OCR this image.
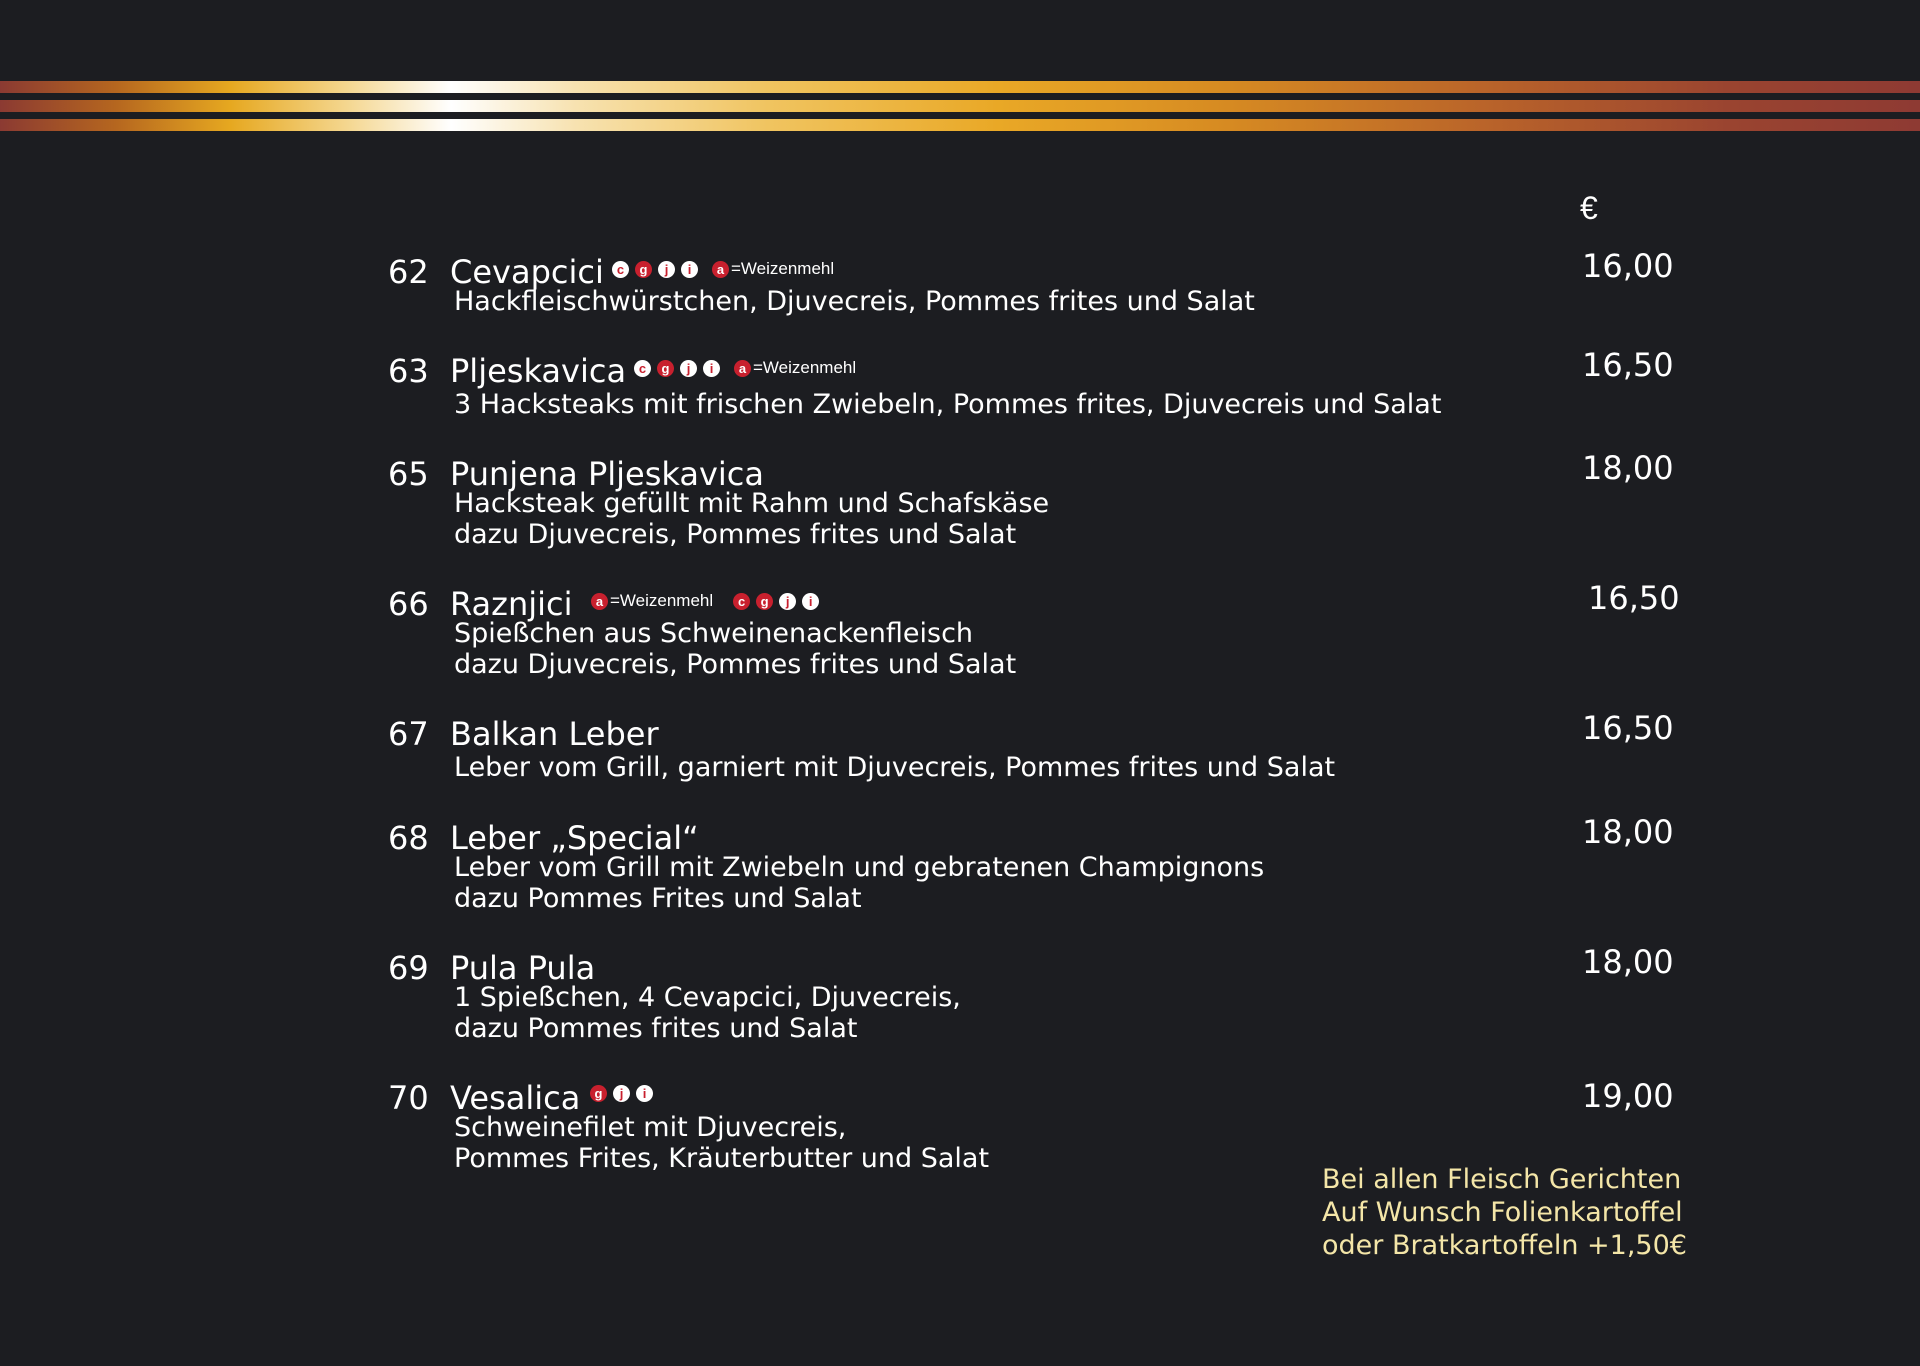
€
62 Cevapcici	c	g	j	i	a =Weizenmehl	16,00
Hackfleischwürstchen, Djuvecreis, Pommes frites und Salat
63 Pljeskavica c	g	j	i	a =Weizenmehl	16,50
3 Hacksteaks mit frischen Zwiebeln, Pommes frites, Djuvecreis und Salat
65 Punjena Pljeskavica	18,00
Hacksteak gefüllt mit Rahm und Schafskäse
dazu Djuvecreis, Pommes frites und Salat
66 Raznjici	a =Weizenmehl	c	g	j	i	16,50
Spießchen aus Schweinenackenfleisch
dazu Djuvecreis, Pommes frites und Salat
67 Balkan Leber	16,50
Leber vom Grill, garniert mit Djuvecreis, Pommes frites und Salat
68 Leber „Special“	18,00
Leber vom Grill mit Zwiebeln und gebratenen Champignons
dazu Pommes Frites und Salat
69 Pula Pula	18,00
1 Spießchen, 4 Cevapcici, Djuvecreis,
dazu Pommes frites und Salat
70 Vesalica	g	j	i	19,00
Schweinefilet mit Djuvecreis,
Pommes Frites, Kräuterbutter und Salat
Bei allen Fleisch Gerichten
Auf Wunsch Folienkartoffel
oder Bratkartoffeln +1,50€
